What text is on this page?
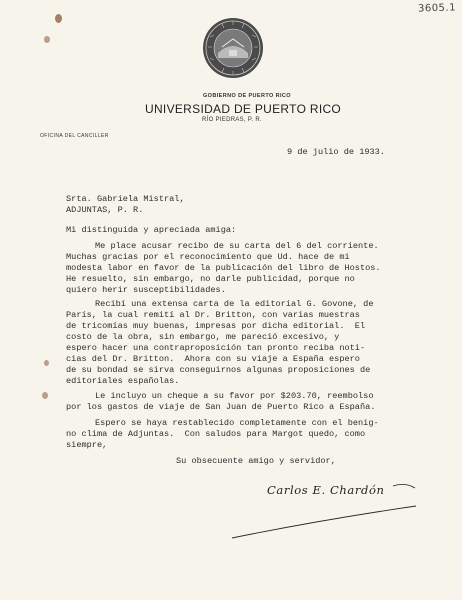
3605.1
GOBIERNO DE PUERTO RICO
UNIVERSIDAD DE PUERTO RICO
RÍO PIEDRAS, P. R.
OFICINA DEL CANCILLER
9 de julio de 1933.
Srta. Gabriela Mistral,
ADJUNTAS, P. R.
Mi distinguida y apreciada amiga:
Me place acusar recibo de su carta del 6 del corriente.
Muchas gracias por el reconocimiento que Ud. hace de mi
modesta labor en favor de la publicación del libro de Hostos.
He resuelto, sin embargo, no darle publicidad, porque no
quiero herir susceptibilidades.
Recibí una extensa carta de la editorial G. Govone, de
París, la cual remití al Dr. Britton, con varias muestras
de tricomías muy buenas, impresas por dicha editorial.  El
costo de la obra, sin embargo, me pareció excesivo, y
espero hacer una contraproposición tan pronto reciba noti-
cias del Dr. Britton.  Ahora con su viaje a España espero
de su bondad se sirva conseguirnos algunas proposiciones de
editoriales españolas.
Le incluyo un cheque a su favor por $203.70, reembolso
por los gastos de viaje de San Juan de Puerto Rico a España.
Espero se haya restablecido completamente con el benig-
no clima de Adjuntas.  Con saludos para Margot quedo, como
siempre,
Su obsecuente amigo y servidor,
Carlos E. Chardón
